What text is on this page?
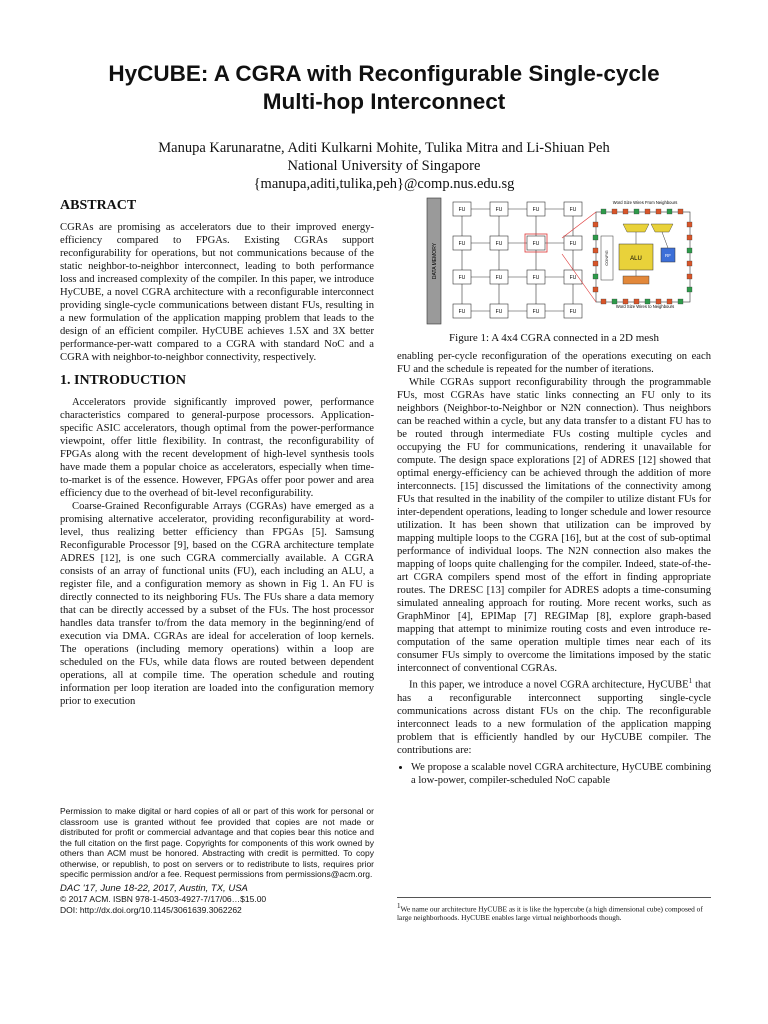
HyCUBE: A CGRA with Reconfigurable Single-cycle
Multi-hop Interconnect
Manupa Karunaratne, Aditi Kulkarni Mohite, Tulika Mitra and Li-Shiuan Peh
National University of Singapore
{manupa,aditi,tulika,peh}@comp.nus.edu.sg
ABSTRACT

CGRAs are promising as accelerators due to their improved energy-efficiency compared to FPGAs. Existing CGRAs support reconfigurability for operations, but not communications because of the static neighbor-to-neighbor interconnect, leading to both performance loss and increased complexity of the compiler. In this paper, we introduce HyCUBE, a novel CGRA architecture with a reconfigurable interconnect providing single-cycle communications between distant FUs, resulting in a new formulation of the application mapping problem that leads to the design of an efficient compiler. HyCUBE achieves 1.5X and 3X better performance-per-watt compared to a CGRA with standard NoC and a CGRA with neighbor-to-neighbor connectivity, respectively.

1. INTRODUCTION

Accelerators provide significantly improved power, performance characteristics compared to general-purpose processors. Application-specific ASIC accelerators, though optimal from the power-performance viewpoint, offer little flexibility. In contrast, the reconfigurability of FPGAs along with the recent development of high-level synthesis tools have made them a popular choice as accelerators, especially when time-to-market is of the essence. However, FPGAs offer poor power and area efficiency due to the overhead of bit-level reconfigurability.

Coarse-Grained Reconfigurable Arrays (CGRAs) have emerged as a promising alternative accelerator, providing reconfigurability at word-level, thus realizing better efficiency than FPGAs [5]. Samsung Reconfigurable Processor [9], based on the CGRA architecture template ADRES [12], is one such CGRA commercially available. A CGRA consists of an array of functional units (FU), each including an ALU, a register file, and a configuration memory as shown in Fig 1. An FU is directly connected to its neighboring FUs. The FUs share a data memory that can be directly accessed by a subset of the FUs. The host processor handles data transfer to/from the data memory in the beginning/end of execution via DMA. CGRAs are ideal for acceleration of loop kernels. The operations (including memory operations) within a loop are scheduled on the FUs, while data flows are routed between dependent operations, all at compile time. The operation schedule and routing information per loop iteration are loaded into the configuration memory prior to execution

Permission to make digital or hard copies of all or part of this work for personal or classroom use is granted without fee provided that copies are not made or distributed for profit or commercial advantage and that copies bear this notice and the full citation on the first page. Copyrights for components of this work owned by others than ACM must be honored. Abstracting with credit is permitted. To copy otherwise, or republish, to post on servers or to redistribute to lists, requires prior specific permission and/or a fee. Request permissions from permissions@acm.org.

DAC '17, June 18-22, 2017, Austin, TX, USA

© 2017 ACM. ISBN 978-1-4503-4927-7/17/06…$15.00

DOI: http://dx.doi.org/10.1145/3061639.3062262

DATA MEMORY
FU	FU	FU	FU
FU	FU	FU	FU
FU	FU	FU	FU
FU	FU	FU	FU
Word Size Wires From Neighbours
Word Size Wires to Neighbours
CONFIG	ALU
RF
Figure 1: A 4x4 CGRA connected in a 2D mesh

enabling per-cycle reconfiguration of the operations executing on each FU and the schedule is repeated for the number of iterations.

While CGRAs support reconfigurability through the programmable FUs, most CGRAs have static links connecting an FU only to its neighbors (Neighbor-to-Neighbor or N2N connection). Thus neighbors can be reached within a cycle, but any data transfer to a distant FU has to be routed through intermediate FUs costing multiple cycles and occupying the FU for communications, rendering it unavailable for compute. The design space explorations [2] of ADRES [12] showed that optimal energy-efficiency can be achieved through the addition of more interconnects. [15] discussed the limitations of the connectivity among FUs that resulted in the inability of the compiler to utilize distant FUs for inter-dependent operations, leading to longer schedule and lower resource utilization. It has been shown that utilization can be improved by mapping multiple loops to the CGRA [16], but at the cost of sub-optimal performance of individual loops. The N2N connection also makes the mapping of loops quite challenging for the compiler. Indeed, state-of-the-art CGRA compilers spend most of the effort in finding appropriate routes. The DRESC [13] compiler for ADRES adopts a time-consuming simulated annealing approach for routing. More recent works, such as GraphMinor [4], EPIMap [7] REGIMap [8], explore graph-based mapping that attempt to minimize routing costs and even introduce re-computation of the same operation multiple times near each of its consumer FUs simply to overcome the limitations imposed by the static interconnect of conventional CGRAs.

In this paper, we introduce a novel CGRA architecture, HyCUBE$^1$ that has a reconfigurable interconnect supporting single-cycle communications across distant FUs on the chip. The reconfigurable interconnect leads to a new formulation of the application mapping problem that is efficiently handled by our HyCUBE compiler. The contributions are:

• We propose a scalable novel CGRA architecture, HyCUBE combining a low-power, compiler-scheduled NoC capable
$^1$We name our architecture HyCUBE as it is like the hypercube (a high dimensional cube) composed of large neighborhoods. HyCUBE enables large virtual neighborhoods though.
